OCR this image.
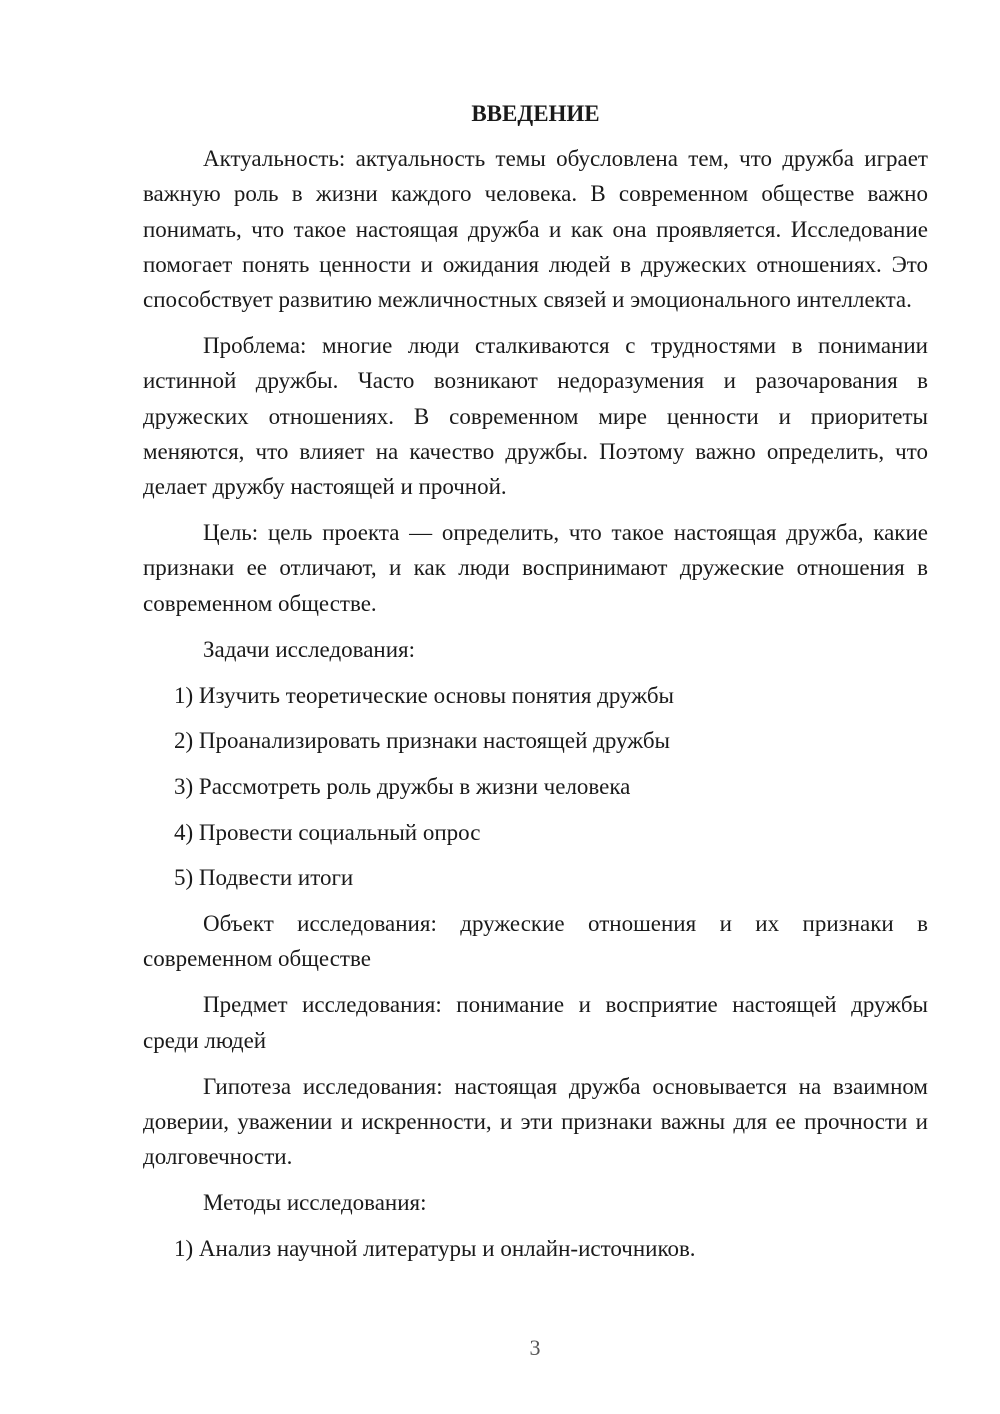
ВВЕДЕНИЕ

Актуальность: актуальность темы обусловлена тем, что дружба играет важную роль в жизни каждого человека. В современном обществе важно понимать, что такое настоящая дружба и как она проявляется. Исследование помогает понять ценности и ожидания людей в дружеских отношениях. Это способствует развитию межличностных связей и эмоционального интеллекта.

Проблема: многие люди сталкиваются с трудностями в понимании истинной дружбы. Часто возникают недоразумения и разочарования в дружеских отношениях. В современном мире ценности и приоритеты меняются, что влияет на качество дружбы. Поэтому важно определить, что делает дружбу настоящей и прочной.

Цель: цель проекта — определить, что такое настоящая дружба, какие признаки ее отличают, и как люди воспринимают дружеские отношения в современном обществе.

Задачи исследования:
1) Изучить теоретические основы понятия дружбы
2) Проанализировать признаки настоящей дружбы
3) Рассмотреть роль дружбы в жизни человека
4) Провести социальный опрос
5) Подвести итоги

Объект исследования: дружеские отношения и их признаки в современном обществе

Предмет исследования: понимание и восприятие настоящей дружбы среди людей

Гипотеза исследования: настоящая дружба основывается на взаимном доверии, уважении и искренности, и эти признаки важны для ее прочности и долговечности.

Методы исследования:
1) Анализ научной литературы и онлайн-источников.
3
